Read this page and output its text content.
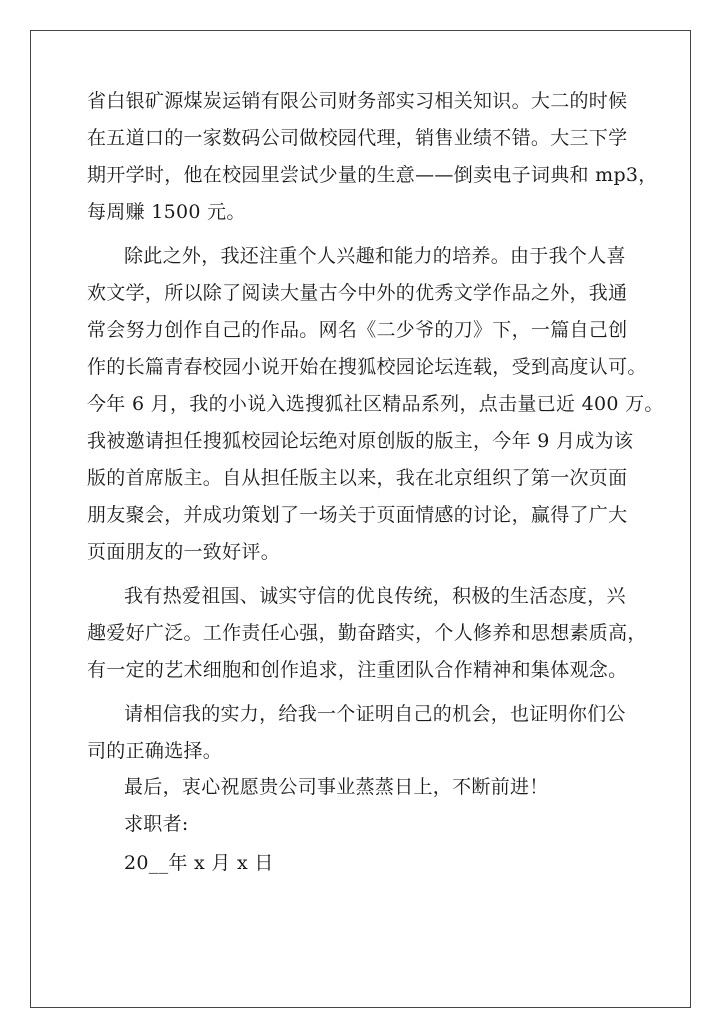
省白银矿源煤炭运销有限公司财务部实习相关知识。大二的时候
在五道口的一家数码公司做校园代理，销售业绩不错。大三下学
期开学时，他在校园里尝试少量的生意——倒卖电子词典和 mp3，
每周赚 1500 元。
除此之外，我还注重个人兴趣和能力的培养。由于我个人喜
欢文学，所以除了阅读大量古今中外的优秀文学作品之外，我通
常会努力创作自己的作品。网名《二少爷的刀》下，一篇自己创
作的长篇青春校园小说开始在搜狐校园论坛连载，受到高度认可。
今年 6 月，我的小说入选搜狐社区精品系列，点击量已近 400 万。
我被邀请担任搜狐校园论坛绝对原创版的版主，今年 9 月成为该
版的首席版主。自从担任版主以来，我在北京组织了第一次页面
朋友聚会，并成功策划了一场关于页面情感的讨论，赢得了广大
页面朋友的一致好评。
我有热爱祖国、诚实守信的优良传统，积极的生活态度，兴
趣爱好广泛。工作责任心强，勤奋踏实，个人修养和思想素质高，
有一定的艺术细胞和创作追求，注重团队合作精神和集体观念。
请相信我的实力，给我一个证明自己的机会，也证明你们公
司的正确选择。
最后，衷心祝愿贵公司事业蒸蒸日上，不断前进！
求职者:
20__年 x 月 x 日
